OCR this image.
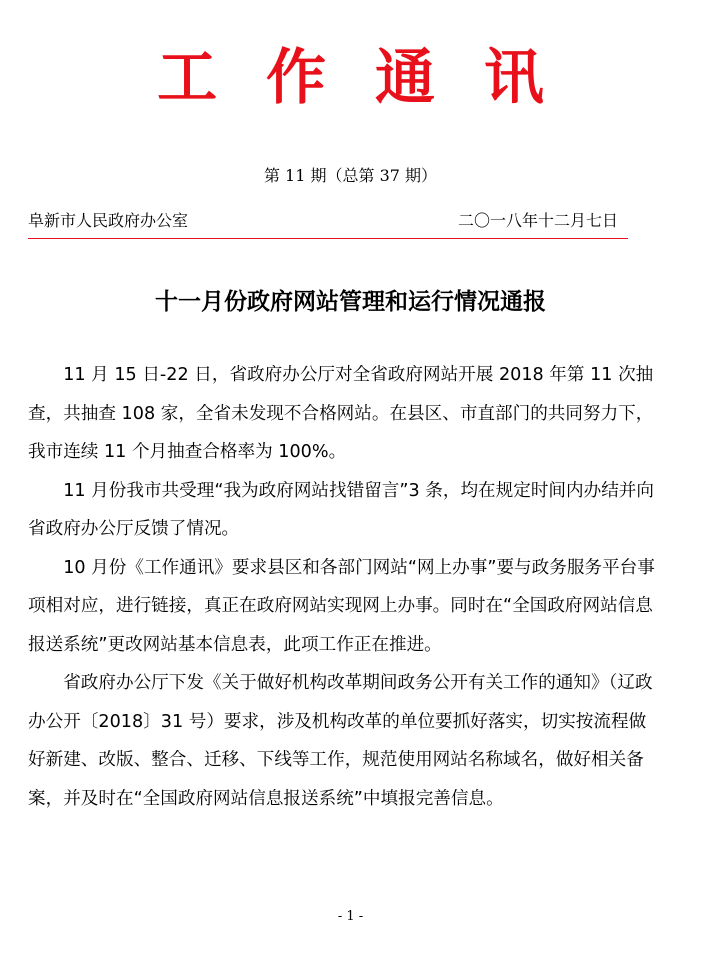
工 作 通 讯
第 11 期（总第 37 期）
阜新市人民政府办公室	二〇一八年十二月七日
十一月份政府网站管理和运行情况通报

11 月 15 日-22 日，省政府办公厅对全省政府网站开展 2018 年第 11 次抽查，共抽查 108 家，全省未发现不合格网站。在县区、市直部门的共同努力下，我市连续 11 个月抽查合格率为 100%。

11 月份我市共受理“我为政府网站找错留言”3 条，均在规定时间内办结并向省政府办公厅反馈了情况。

10 月份《工作通讯》要求县区和各部门网站“网上办事”要与政务服务平台事项相对应，进行链接，真正在政府网站实现网上办事。同时在“全国政府网站信息报送系统”更改网站基本信息表，此项工作正在推进。

省政府办公厅下发《关于做好机构改革期间政务公开有关工作的通知》（辽政办公开〔2018〕31 号）要求，涉及机构改革的单位要抓好落实，切实按流程做好新建、改版、整合、迁移、下线等工作，规范使用网站名称域名，做好相关备案，并及时在“全国政府网站信息报送系统”中填报完善信息。

- 1 -
